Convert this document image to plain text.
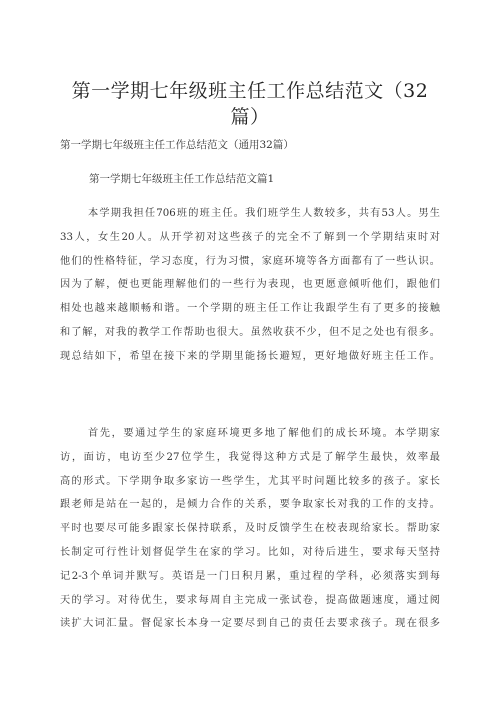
第一学期七年级班主任工作总结范文（32篇）
第一学期七年级班主任工作总结范文（通用32篇）
第一学期七年级班主任工作总结范文篇1
本学期我担任706班的班主任。我们班学生人数较多，共有53人。男生
33人，女生20人。从开学初对这些孩子的完全不了解到一个学期结束时对
他们的性格特征，学习态度，行为习惯，家庭环境等各方面都有了一些认识。
因为了解，便也更能理解他们的一些行为表现，也更愿意倾听他们，跟他们
相处也越来越顺畅和谐。一个学期的班主任工作让我跟学生有了更多的接触
和了解，对我的教学工作帮助也很大。虽然收获不少，但不足之处也有很多。
现总结如下，希望在接下来的学期里能扬长避短，更好地做好班主任工作。
首先，要通过学生的家庭环境更多地了解他们的成长环境。本学期家
访，面访，电访至少27位学生，我觉得这种方式是了解学生最快，效率最
高的形式。下学期争取多家访一些学生，尤其平时问题比较多的孩子。家长
跟老师是站在一起的，是倾力合作的关系，要争取家长对我的工作的支持。
平时也要尽可能多跟家长保持联系，及时反馈学生在校表现给家长。帮助家
长制定可行性计划督促学生在家的学习。比如，对待后进生，要求每天坚持
记2-3个单词并默写。英语是一门日积月累，重过程的学科，必须落实到每
天的学习。对待优生，要求每周自主完成一张试卷，提高做题速度，通过阅
读扩大词汇量。督促家长本身一定要尽到自己的责任去要求孩子。现在很多
